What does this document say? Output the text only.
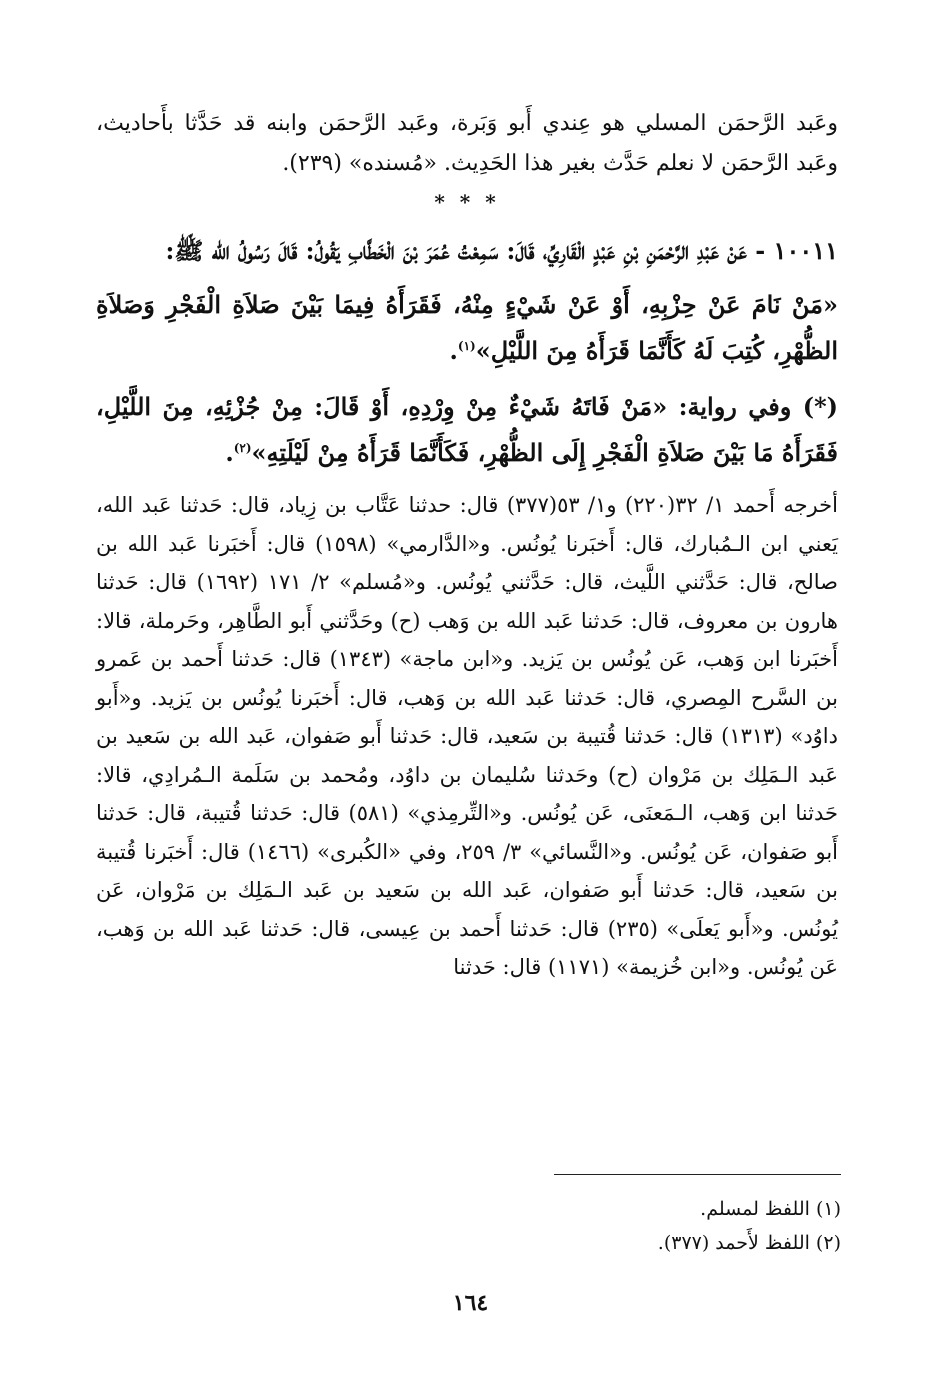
وعَبد الرَّحمَن المسلي هو عِندي أَبو وَبَرة، وعَبد الرَّحمَن وابنه قد حَدَّثا بأَحاديث، وعَبد الرَّحمَن لا نعلم حَدَّث بغير هذا الحَدِيث. «مُسنده» (٢٣٩).

* * *

١٠٠١١ - عَنْ عَبْدِ الرَّحْمَنِ بْنِ عَبْدٍ الْقَارِيِّ، قَالَ: سَمِعْتُ عُمَرَ بْنَ الْخَطَّابِ يَقُولُ: قَالَ رَسُولُ الله ﷺ:

«مَنْ نَامَ عَنْ حِزْبِهِ، أَوْ عَنْ شَيْءٍ مِنْهُ، فَقَرَأَهُ فِيمَا بَيْنَ صَلاَةِ الْفَجْرِ وَصَلاَةِ الظُّهْرِ، كُتِبَ لَهُ كَأَنَّمَا قَرَأَهُ مِنَ اللَّيْلِ»$^{(١)}$.

(*) وفي رواية: «مَنْ فَاتَهُ شَيْءٌ مِنْ وِرْدِهِ، أَوْ قَالَ: مِنْ جُزْئِهِ، مِنَ اللَّيْلِ، فَقَرَأَهُ مَا بَيْنَ صَلاَةِ الْفَجْرِ إِلَى الظُّهْرِ، فَكَأَنَّمَا قَرَأَهُ مِنْ لَيْلَتِهِ»$^{(٢)}$.

أخرجه أَحمد ١/ ٣٢(٢٢٠) و١/ ٥٣(٣٧٧) قال: حدثنا عَتَّاب بن زِياد، قال: حَدثنا عَبد الله، يَعني ابن الـمُبارك، قال: أَخبَرنا يُونُس. و«الدَّارمي» (١٥٩٨) قال: أَخبَرنا عَبد الله بن صالح، قال: حَدَّثني اللَّيث، قال: حَدَّثني يُونُس. و«مُسلم» ٢/ ١٧١ (١٦٩٢) قال: حَدثنا هارون بن معروف، قال: حَدثنا عَبد الله بن وَهب (ح) وحَدَّثني أَبو الطَّاهِر، وحَرملة، قالا: أَخبَرنا ابن وَهب، عَن يُونُس بن يَزيد. و«ابن ماجة» (١٣٤٣) قال: حَدثنا أَحمد بن عَمرو بن السَّرح المِصري، قال: حَدثنا عَبد الله بن وَهب، قال: أَخبَرنا يُونُس بن يَزيد. و«أَبو داوُد» (١٣١٣) قال: حَدثنا قُتيبة بن سَعيد، قال: حَدثنا أَبو صَفوان، عَبد الله بن سَعيد بن عَبد الـمَلِك بن مَرْوان (ح) وحَدثنا سُليمان بن داوُد، ومُحمد بن سَلَمة الـمُرادِي، قالا: حَدثنا ابن وَهب، الـمَعنَى، عَن يُونُس. و«التِّرمِذي» (٥٨١) قال: حَدثنا قُتيبة، قال: حَدثنا أَبو صَفوان، عَن يُونُس. و«النَّسائي» ٣/ ٢٥٩، وفي «الكُبرى» (١٤٦٦) قال: أَخبَرنا قُتيبة بن سَعيد، قال: حَدثنا أَبو صَفوان، عَبد الله بن سَعيد بن عَبد الـمَلِك بن مَرْوان، عَن يُونُس. و«أَبو يَعلَى» (٢٣٥) قال: حَدثنا أَحمد بن عِيسى، قال: حَدثنا عَبد الله بن وَهب، عَن يُونُس. و«ابن خُزيمة» (١١٧١) قال: حَدثنا

(١) اللفظ لمسلم.

(٢) اللفظ لأَحمد (٣٧٧).

١٦٤
